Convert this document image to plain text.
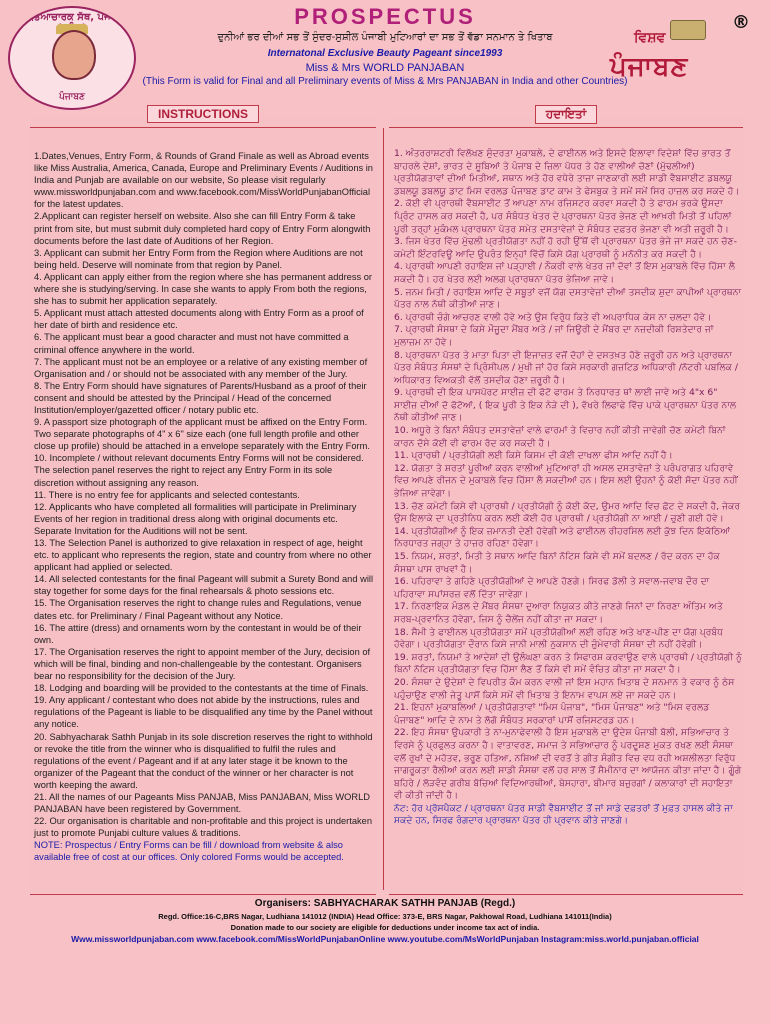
ਸਭਿਆਚਾਰਕ ਸੱਥ, ਪੰਜਾਬ
ਪੰਜਾਬਣ
PROSPECTUS
ਦੁਨੀਆਂ ਭਰ ਦੀਆਂ ਸਭ ਤੋਂ ਸੁੰਦਰ-ਸੁਸ਼ੀਲ ਪੰਜਾਬੀ ਮੁਟਿਆਰਾਂ ਦਾ ਸਭ ਤੋਂ ਵੱਡਾ ਸਨਮਾਨ ਤੇ ਖਿਤਾਬ
Internatonal Exclusive Beauty Pageant since1993
Miss & Mrs WORLD PANJABAN
(This Form is valid for Final and all Preliminary events of Miss & Mrs PANJABAN in India and other Countries)
®
ਵਿਸ਼ਵ
ਪੰਜਾਬਣ
INSTRUCTIONS	ਹਦਾਇਤਾਂ

1.Dates,Venues, Entry Form, & Rounds of Grand Finale as well as Abroad events like Miss Australia, America, Canada, Europe and Preliminary Events / Auditions in India and Punjab are available on our website, So please visit regularly www.missworldpunjaban.com and www.facebook.com/MissWorldPunjabanOfficial for the latest updates.

2.Applicant can register herself on website. Also she can fill Entry Form & take print from site, but must submit duly completed hard copy of Entry Form alongwith documents before the last date of Auditions of her Region.

3. Applicant can submit her Entry Form from the Region where Auditions are not being held. Deserve will nominate from that region by Panel.

4. Applicant can apply either from the region where she has permanent address or where she is studying/serving. In case she wants to apply From both the regions, she has to submit her application separately.

5. Applicant must attach attested documents along with Entry Form as a proof of her date of birth and residence etc.

6. The applicant must bear a good character and must not have committed a criminal offence anywhere in the world.

7. The applicant must not be an employee or a relative of any existing member of Organisation and / or should not be associated with any member of the Jury.

8. The Entry Form should have signatures of Parents/Husband as a proof of their consent and should be attested by the Principal / Head of the concerned Institution/employer/gazetted officer / notary public etc.

9. A passport size photograph of the applicant must be affixed on the Entry Form. Two separate photographs of 4" x 6" size each (one full length profile and other close up profile) should be attached in a envelope separately with the Entry Form.

10. Incomplete / without relevant documents Entry Forms will not be considered. The selection panel reserves the right to reject any Entry Form in its sole discretion without assigning any reason.

11. There is no entry fee for applicants and selected contestants.

12. Applicants who have completed all formalities will participate in Preliminary Events of her region in traditional dress along with original documents etc. Separate Invitation for the Auditions will not be sent.

13. The Selection Panel is authorized to give relaxation in respect of age, height etc. to applicant who represents the region, state and country from where no other applicant had applied or selected.

14. All selected contestants for the final Pageant will submit a Surety Bond and will stay together for some days for the final rehearsals & photo sessions etc.

15. The Organisation reserves the right to change rules and Regulations, venue dates etc. for Preliminary / Final Pageant without any Notice.

16. The attire (dress) and ornaments worn by the contestant in would be of their own.

17. The Organisation reserves the right to appoint member of the Jury, decision of which will be final, binding and non-challengeable by the contestant. Organisers bear no responsibility for the decision of the Jury.

18. Lodging and boarding will be provided to the contestants at the time of Finals.

19. Any applicant / contestant who does not abide by the instructions, rules and regulations of the Pageant is liable to be disqualified any time by the Panel without any notice.

20. Sabhyacharak Sathh Punjab in its sole discretion reserves the right to withhold or revoke the title from the winner who is disqualified to fulfil the rules and regulations of the event / Pageant and if at any later stage it be known to the organizer of the Pageant that the conduct of the winner or her character is not worth keeping the award.

21. All the names of our Pageants Miss PANJAB, Miss PANJABAN, Miss WORLD PANJABAN have been registered by Government.

22. Our organisation is charitable and non-profitable and this project is undertaken just to promote Punjabi culture values & traditions.

NOTE: Prospectus / Entry Forms can be fill / download from website & also available free of cost at our offices. Only colored Forms would be accepted.

1. ਅੰਤਰਰਾਸ਼ਟਰੀ ਵਿਲੱਖਣ ਸੁੰਦਰਤਾ ਮੁਕਾਬਲੇ, ਦੇ ਫਾਈਨਲ ਅਤੇ ਇਸਦੇ ਇਲਾਵਾ ਵਿਦੇਸ਼ਾਂ ਵਿੱਚ ਭਾਰਤ ਤੋਂ ਬਾਹਰਲੇ ਦੇਸ਼ਾਂ, ਭਾਰਤ ਦੇ ਸੂਬਿਆਂ ਤੇ ਪੰਜਾਬ ਦੇ ਜ਼ਿਲਾ ਪੱਧਰ ਤੇ ਹੋਣ ਵਾਲੀਆਂ ਚੋਣਾਂ (ਮੁੱਢਲੀਆਂ) ਪ੍ਰਤੀਯੋਗਤਾਵਾਂ ਦੀਆਂ ਮਿਤੀਆਂ, ਸਥਾਨ ਅਤੇ ਹੋਰ ਵਧੇਰੇ ਤਾਜ਼ਾ ਜਾਣਕਾਰੀ ਲਈ ਸਾਡੀ ਵੈਬਸਾਈਟ ਡਬਲਯੂ ਡਬਲਯੂ ਡਬਲਯੂ ਡਾਟ ਮਿਸ ਵਰਲਡ ਪੰਜਾਬਣ ਡਾਟ ਕਾਮ ਤੇ ਫੇਸਬੁਕ ਤੇ ਸਮੇਂ ਸਮੇਂ ਸਿਰ ਹਾਜ਼ਲ ਕਰ ਸਕਦੇ ਹੋ।

2. ਕੋਈ ਵੀ ਪ੍ਰਾਰਥੀ ਵੈਬਸਾਈਟ ਤੋਂ ਆਪਣਾ ਨਾਮ ਰਜਿਸਟਰ ਕਰਵਾ ਸਕਦੀ ਹੈ ਤੇ ਫਾਰਮ ਭਰਕੇ ਉਸਦਾ ਪ੍ਰਿੰਟ ਹਾਸਲ ਕਰ ਸਕਦੀ ਹੈ, ਪਰ ਸੰਬੰਧਤ ਖੇਤਰ ਦੇ ਪ੍ਰਾਰਥਨਾ ਪੱਤਰ ਭੇਜਣ ਦੀ ਆਖ਼ਰੀ ਮਿਤੀ ਤੋਂ ਪਹਿਲਾਂ ਪੂਰੀ ਤਰ੍ਹਾਂ ਮੁਕੰਮਲ ਪ੍ਰਾਰਥਨਾ ਪੱਤਰ ਸਮੇਤ ਦਸਤਾਵੇਜ਼ਾਂ ਦੇ ਸੰਬੰਧਤ ਦਫ਼ਤਰ ਭੇਜਣਾ ਵੀ ਅਤੀ ਜ਼ਰੂਰੀ ਹੈ।

3. ਜਿਸ ਖੇਤਰ ਵਿੱਚ ਮੁੱਢਲੀ ਪ੍ਰਤੀਯੋਗਤਾ ਨਹੀਂ ਹੋ ਰਹੀ ਉੱਥੋਂ ਵੀ ਪ੍ਰਾਰਥਨਾ ਪੱਤਰ ਭੇਜੇ ਜਾ ਸਕਦੇ ਹਨ ਚੋਣ-ਕਮੇਟੀ ਇੰਟਰਵਿਊ ਆਦਿ ਉਪਰੰਤ ਇਨ੍ਹਾਂ ਵਿੱਚੋਂ ਕਿਸੇ ਯੋਗ ਪ੍ਰਾਰਥੀ ਨੂੰ ਮਨੋਨੀਤ ਕਰ ਸਕਦੀ ਹੈ।

4. ਪ੍ਰਾਰਥੀ ਆਪਣੀ ਰਹਾਇਸ਼ ਜਾਂ ਪੜ੍ਹਾਈ / ਨੌਕਰੀ ਵਾਲੇ ਖੇਤਰ ਜਾਂ ਦੋਵਾਂ ਤੋਂ ਇਸ ਮੁਕਾਬਲੇ ਵਿੱਚ ਹਿੱਸਾ ਲੈ ਸਕਦੀ ਹੈ। ਹਰ ਖੇਤਰ ਲਈ ਅਲਗ ਪ੍ਰਾਰਥਨਾ ਪੱਤਰ ਭੇਜਿਆ ਜਾਵੇ।

5. ਜਨਮ ਮਿਤੀ / ਰਹਾਇਸ਼ ਆਦਿ ਦੇ ਸਬੂਤਾਂ ਵਜੋਂ ਯੋਗ ਦਸਤਾਵੇਜ਼ਾਂ ਦੀਆਂ ਤਸਦੀਕ ਸ਼ੁਦਾ ਕਾਪੀਆਂ ਪ੍ਰਾਰਥਨਾ ਪੱਤਰ ਨਾਲ ਨੱਥੀ ਕੀਤੀਆਂ ਜਾਣ।

6. ਪ੍ਰਾਰਥੀ ਚੰਗੇ ਆਚਰਣ ਵਾਲੀ ਹੋਵੇ ਅਤੇ ਉਸ ਵਿਰੁੱਧ ਕਿਤੇ ਵੀ ਅਪਰਾਧਿਕ ਕੇਸ ਨਾ ਚਲਦਾ ਹੋਵੇ।

7. ਪ੍ਰਾਰਥੀ ਸੰਸਥਾ ਦੇ ਕਿਸੇ ਮੌਜੂਦਾ ਮੈਂਬਰ ਅਤੇ / ਜਾਂ ਜਿਊਰੀ ਦੇ ਮੈਂਬਰ ਦਾ ਨਜ਼ਦੀਕੀ ਰਿਸ਼ਤੇਦਾਰ ਜਾਂ ਮੁਲਾਜ਼ਮ ਨਾ ਹੋਵੇ।

8. ਪ੍ਰਾਰਥਨਾ ਪੱਤਰ ਤੇ ਮਾਤਾ ਪਿਤਾ ਦੀ ਇਜਾਜ਼ਤ ਵਜੋਂ ਦੋਹਾਂ ਦੇ ਦਸਤਖ਼ਤ ਹੋਣੇ ਜ਼ਰੂਰੀ ਹਨ ਅਤੇ ਪ੍ਰਾਰਥਨਾ ਪੱਤਰ ਸੰਬੰਧਤ ਸੰਸਥਾਂ ਦੇ ਪ੍ਰਿੰਸੀਪਲ / ਮੁਖੀ ਜਾਂ ਹੋਰ ਕਿਸੇ ਸਰਕਾਰੀ ਗਜ਼ਟਿਡ ਅਧਿਕਾਰੀ /ਨੋਟਰੀ ਪਬਲਿਕ / ਅਧਿਕਾਰਤ ਵਿਅਕਤੀ ਵੱਲੋਂ ਤਸਦੀਕ ਹੋਣਾ ਜ਼ਰੂਰੀ ਹੈ।

9. ਪ੍ਰਾਰਥੀ ਦੀ ਇਕ ਪਾਸਪੋਰਟ ਸਾਈਜ਼ ਦੀ ਫੋਟੋ ਫਾਰਮ ਤੇ ਨਿਰਧਾਰਤ ਥਾਂ ਲਾਈ ਜਾਵੇ ਅਤੇ 4"x 6" ਸਾਈਜ਼ ਦੀਆਂ ਦੋ ਫੋਟੋਆਂ, ( ਇਕ ਪੂਰੀ ਤੇ ਇਕ ਨੇੜੇ ਦੀ ), ਵੱਖਰੇ ਲਿਫਾਫੇ ਵਿੱਚ ਪਾਕੇ ਪ੍ਰਾਰਥਨਾ ਪੱਤਰ ਨਾਲ ਨੱਥੀ ਕੀਤੀਆਂ ਜਾਣ।

10. ਅਧੂਰੇ ਤੇ ਬਿਨਾਂ ਸੰਬੰਧਤ ਦਸਤਾਵੇਜ਼ਾਂ ਵਾਲੇ ਫਾਰਮਾਂ ਤੇ ਵਿਚਾਰ ਨਹੀਂ ਕੀਤੀ ਜਾਵੇਗੀ ਚੋਣ ਕਮੇਟੀ ਬਿਨਾਂ ਕਾਰਨ ਦੱਸੇ ਕੋਈ ਵੀ ਫਾਰਮ ਰੱਦ ਕਰ ਸਕਦੀ ਹੈ।

11. ਪ੍ਰਾਰਥੀ / ਪ੍ਰਤੀਯੋਗੀ ਲਈ ਕਿਸੇ ਕਿਸਮ ਦੀ ਕੋਈ ਦਾਖਲਾ ਫੀਸ ਆਦਿ ਨਹੀਂ ਹੈ।

12. ਯੋਗਤਾ ਤੇ ਸ਼ਰਤਾਂ ਪੂਰੀਆਂ ਕਰਨ ਵਾਲੀਆਂ ਮੁਟਿਆਰਾਂ ਹੀ ਅਸਲ ਦਸਤਾਵੇਜ਼ਾਂ ਤੇ ਪਰੰਪਰਾਗਤ ਪਹਿਰਾਵੇ ਵਿਚ ਆਪਣੇ ਰੀਜਨ ਦੇ ਮੁਕਾਬਲੇ ਵਿਚ ਹਿੱਸਾ ਲੈ ਸਕਦੀਆਂ ਹਨ। ਇਸ ਲਈ ਉਹਨਾਂ ਨੂੰ ਕੋਈ ਸੱਦਾ ਪੱਤਰ ਨਹੀਂ ਭੇਜਿਆ ਜਾਵੇਗਾ।

13. ਚੋਣ ਕਮੇਟੀ ਕਿਸੇ ਵੀ ਪ੍ਰਾਰਥੀ / ਪ੍ਰਤੀਯੋਗੀ ਨੂੰ ਕੋਈ ਕੱਦ, ਉਮਰ ਆਦਿ ਵਿਚ ਛੋਟ ਦੇ ਸਕਦੀ ਹੈ, ਜੇਕਰ ਉਸ ਇਲਾਕੇ ਦਾ ਪ੍ਰਤੀਨਿਧ ਕਰਨ ਲਈ ਕੋਈ ਹੋਰ ਪ੍ਰਾਰਥੀ / ਪ੍ਰਤੀਯੋਗੀ ਨਾ ਆਈ / ਚੁਣੀ ਗਈ ਹੋਵੇ।

14. ਪ੍ਰਤੀਯੋਗੀਆਂ ਨੂੰ ਇਕ ਜ਼ਮਾਨਤੀ ਦੇਣੀ ਹੋਵੇਗੀ ਅਤੇ ਫਾਈਨਲ ਰੀਹਰਸਿਲ ਲਈ ਕੁੱਝ ਦਿਨ ਇਕੱਠਿਆਂ ਨਿਰਧਾਰਤ ਜਗ੍ਹਾ ਤੇ ਹਾਜ਼ਰ ਰਹਿਣਾ ਹੋਵੇਗਾ।

15. ਨਿਯਮ, ਸ਼ਰਤਾਂ, ਮਿਤੀ ਤੇ ਸਥਾਨ ਆਦਿ ਬਿਨਾਂ ਨੋਟਿਸ ਕਿਸੇ ਵੀ ਸਮੇਂ ਬਦਲਣ / ਰੱਦ ਕਰਨ ਦਾ ਹੱਕ ਸੰਸਥਾ ਪਾਸ ਰਾਖਵਾਂ ਹੈ।

16. ਪਹਿਰਾਵਾ ਤੇ ਗਹਿਣੇ ਪ੍ਰਤੀਯੋਗੀਆਂ ਦੇ ਆਪਣੇ ਹੋਣਗੇ। ਸਿਰਫ ਡੋਲੀ ਤੇ ਸਵਾਲ-ਜਵਾਬ ਦੌਰ ਦਾ ਪਹਿਰਾਵਾ ਸਪਾਂਸਰਜ਼ ਵਲੋਂ ਦਿੱਤਾ ਜਾਵੇਗਾ।

17. ਨਿਰਣਾਇਕ ਮੰਡਲ ਦੇ ਮੈਂਬਰ ਸੰਸਥਾ ਦੁਆਰਾ ਨਿਯੁਕਤ ਕੀਤੇ ਜਾਣਗੇ ਜਿਨਾਂ ਦਾ ਨਿਰਣਾ ਅੰਤਿਮ ਅਤੇ ਸਰਬ-ਪ੍ਰਵਾਨਿਤ ਹੋਵੇਗਾ, ਜਿਸ ਨੂੰ ਚੈਲੇਂਜ ਨਹੀਂ ਕੀਤਾ ਜਾ ਸਕਦਾ।

18. ਸੈਮੀ ਤੇ ਫਾਈਨਲ ਪ੍ਰਤੀਯੋਗਤਾ ਸਮੇਂ ਪ੍ਰਤੀਯੋਗੀਆਂ ਲਈ ਰਹਿਣ ਅਤੇ ਖਾਣ-ਪੀਣ ਦਾ ਯੋਗ ਪ੍ਰਬੰਧ ਹੋਵੇਗਾ। ਪ੍ਰਤੀਯੋਗਤਾ ਦੌਰਾਨ ਕਿਸੇ ਜਾਨੀ ਮਾਲੀ ਨੁਕਸਾਨ ਦੀ ਜ਼ੁੰਮੇਵਾਰੀ ਸੰਸਥਾ ਦੀ ਨਹੀਂ ਹੋਵੇਗੀ।

19. ਸ਼ਰਤਾਂ, ਨਿਯਮਾਂ ਤੇ ਆਦੇਸ਼ਾਂ ਦੀ ਉਲੰਘਣਾ ਕਰਨ ਤੇ ਸਿਫਾਰਸ਼ ਕਰਵਾਉਣ ਵਾਲੇ ਪ੍ਰਾਰਥੀ / ਪ੍ਰਤੀਯੋਗੀ ਨੂੰ ਬਿਨਾਂ ਨੋਟਿਸ ਪ੍ਰਤੀਯੋਗਤਾ ਵਿਚ ਹਿੱਸਾ ਲੈਣ ਤੋਂ ਕਿਸੇ ਵੀ ਸਮੇਂ ਵੰਚਿਤ ਕੀਤਾ ਜਾ ਸਕਦਾ ਹੈ।

20. ਸੰਸਥਾ ਦੇ ਉਦੇਸ਼ਾਂ ਦੇ ਵਿਪਰੀਤ ਕੰਮ ਕਰਨ ਵਾਲੀ ਜਾਂ ਇਸ ਮਹਾਨ ਖ਼ਿਤਾਬ ਦੇ ਸਨਮਾਨ ਤੇ ਵਕਾਰ ਨੂੰ ਠੇਸ ਪਹੁੰਚਾਉਣ ਵਾਲੀ ਜੇਤੂ ਪਾਸੋਂ ਕਿਸੇ ਸਮੇਂ ਵੀ ਖ਼ਿਤਾਬ ਤੇ ਇਨਾਮ ਵਾਪਸ ਲਏ ਜਾ ਸਕਦੇ ਹਨ।

21. ਇਹਨਾਂ ਮੁਕਾਬਲਿਆਂ / ਪ੍ਰਤੀਯੋਗਤਾਵਾਂ "ਮਿਸ ਪੰਜਾਬ", "ਮਿਸ ਪੰਜਾਬਣ" ਅਤੇ "ਮਿਸ ਵਰਲਡ ਪੰਜਾਬਣ" ਆਦਿ ਦੇ ਨਾਮ ਤੇ ਲੋਗੋ ਸੰਬੰਧਤ ਸਰਕਾਰਾਂ ਪਾਸੋਂ ਰਜਿਸਟਰਡ ਹਨ।

22. ਇਹ ਸੰਸਥਾ ਉਪਕਾਰੀ ਤੇ ਨਾ-ਮੁਨਾਫੇਵਾਲੀ ਹੈ ਇਸ ਮੁਕਾਬਲੇ ਦਾ ਉਦੇਸ਼ ਪੰਜਾਬੀ ਬੋਲੀ, ਸਭਿਆਚਾਰ ਤੇ ਵਿਰਸੇ ਨੂੰ ਪ੍ਰਫੁਲਤ ਕਰਨਾ ਹੈ। ਵਾਤਾਵਰਣ, ਸਮਾਜ ਤੇ ਸਭਿਆਚਾਰ ਨੂੰ ਪਰਦੂਸ਼ਣ ਮੁਕਤ ਰਖਣ ਲਈ ਸੰਸਥਾ ਵਲੋਂ ਰੁਖਾਂ ਦੇ ਮਹੱਤਵ, ਭਰੂਣ ਹਤਿਆ, ਨਸ਼ਿਆਂ ਦੀ ਵਰਤੋਂ ਤੇ ਗੀਤ ਸੰਗੀਤ ਵਿਚ ਵਧ ਰਹੀ ਅਸ਼ਲੀਲਤਾ ਵਿਰੁੱਧ ਜਾਗਰੂਕਤਾ ਰੈਲੀਆਂ ਕਰਨ ਲਈ ਸਾਡੀ ਸੰਸਥਾ ਵਲੋਂ ਹਰ ਸਾਲ ਤੋਂ ਸੈਮੀਨਾਰ ਦਾ ਆਯੋਜਨ ਕੀਤਾ ਜਾਂਦਾ ਹੈ। ਗੂੰਗੇ ਬਹਿਰੇ / ਲੋੜਵੰਦ ਗਰੀਬ ਬੱਚਿਆਂ ਵਿਦਿਆਰਥੀਆਂ, ਬੇਸਹਾਰਾ, ਬੀਮਾਰ ਬਜ਼ੁਰਗਾਂ / ਕਲਾਕਾਰਾਂ ਦੀ ਸਹਾਇਤਾ ਵੀ ਕੀਤੀ ਜਾਂਦੀ ਹੈ।

ਨੋਟ: ਹੋਰ ਪ੍ਰੋਸਪੈਕਟ / ਪ੍ਰਾਰਥਨਾ ਪੱਤਰ ਸਾਡੀ ਵੈਬਸਾਈਟ ਤੋਂ ਜਾਂ ਸਾਡੇ ਦਫ਼ਤਰਾਂ ਤੋਂ ਮੁਫ਼ਤ ਹਾਸਲ ਕੀਤੇ ਜਾ ਸਕਦੇ ਹਨ, ਸਿਰਫ ਰੰਗਦਾਰ ਪ੍ਰਾਰਥਨਾ ਪੱਤਰ ਹੀ ਪ੍ਰਵਾਨ ਕੀਤੇ ਜਾਣਗੇ।

Organisers: SABHYACHARAK SATHH PANJAB (Regd.)
Regd. Office:16-C,BRS Nagar, Ludhiana 141012 (INDIA) Head Office: 373-E, BRS Nagar, Pakhowal Road, Ludhiana 141011(India)
Donation made to our society are eligible for deductions under income tax act of india.
Www.missworldpunjaban.com www.facebook.com/MissWorldPunjabanOnline www.youtube.com/MsWorldPunjaban Instagram:miss.world.punjaban.official
